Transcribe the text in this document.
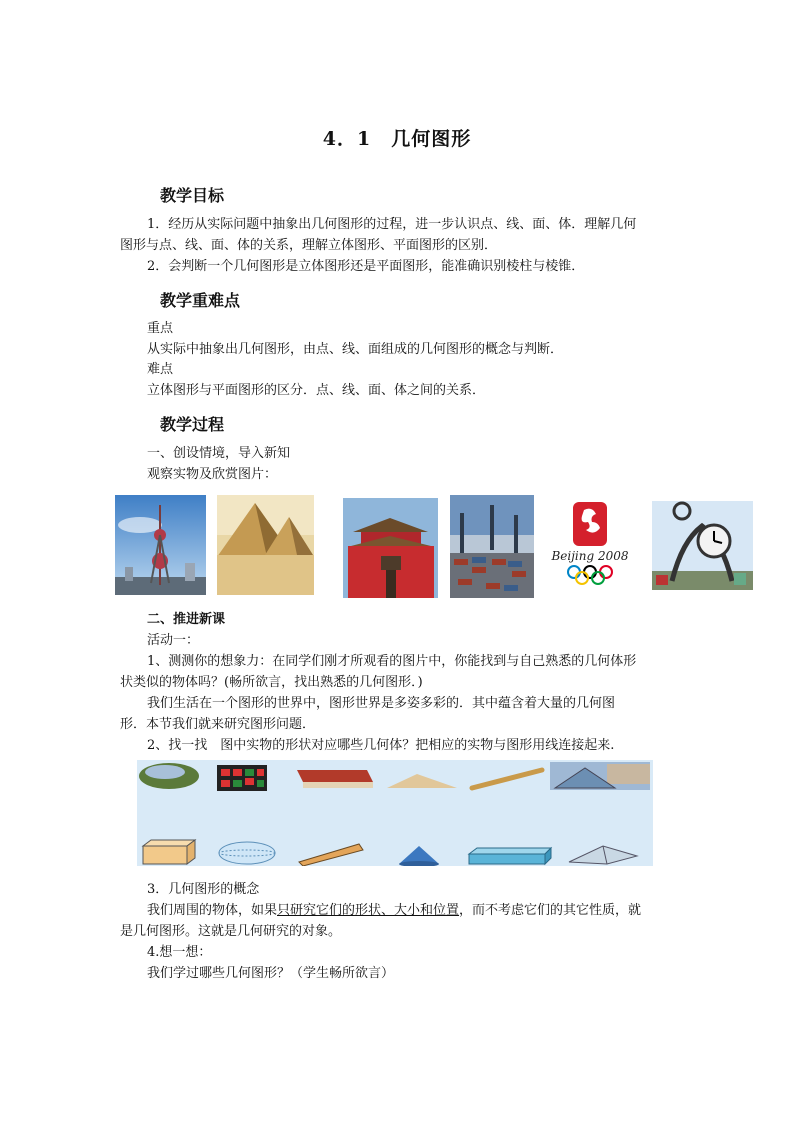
4．1　几何图形
教学目标
1．经历从实际问题中抽象出几何图形的过程，进一步认识点、线、面、体．理解几何
图形与点、线、面、体的关系，理解立体图形、平面图形的区别．
2．会判断一个几何图形是立体图形还是平面图形，能准确识别棱柱与棱锥．
教学重难点
重点
从实际中抽象出几何图形，由点、线、面组成的几何图形的概念与判断．
难点
立体图形与平面图形的区分．点、线、面、体之间的关系．
教学过程
一、创设情境，导入新知
观察实物及欣赏图片：
Beijing 2008
二、推进新课
活动一：
1、测测你的想象力：在同学们刚才所观看的图片中，你能找到与自己熟悉的几何体形
状类似的物体吗？(畅所欲言，找出熟悉的几何图形．)
我们生活在一个图形的世界中，图形世界是多姿多彩的．其中蕴含着大量的几何图
形．本节我们就来研究图形问题．
2、找一找　图中实物的形状对应哪些几何体？把相应的实物与图形用线连接起来.
3．几何图形的概念
我们周围的物体，如果只研究它们的形状、大小和位置，而不考虑它们的其它性质，就
是几何图形。这就是几何研究的对象。
4.想一想：
我们学过哪些几何图形？（学生畅所欲言）
